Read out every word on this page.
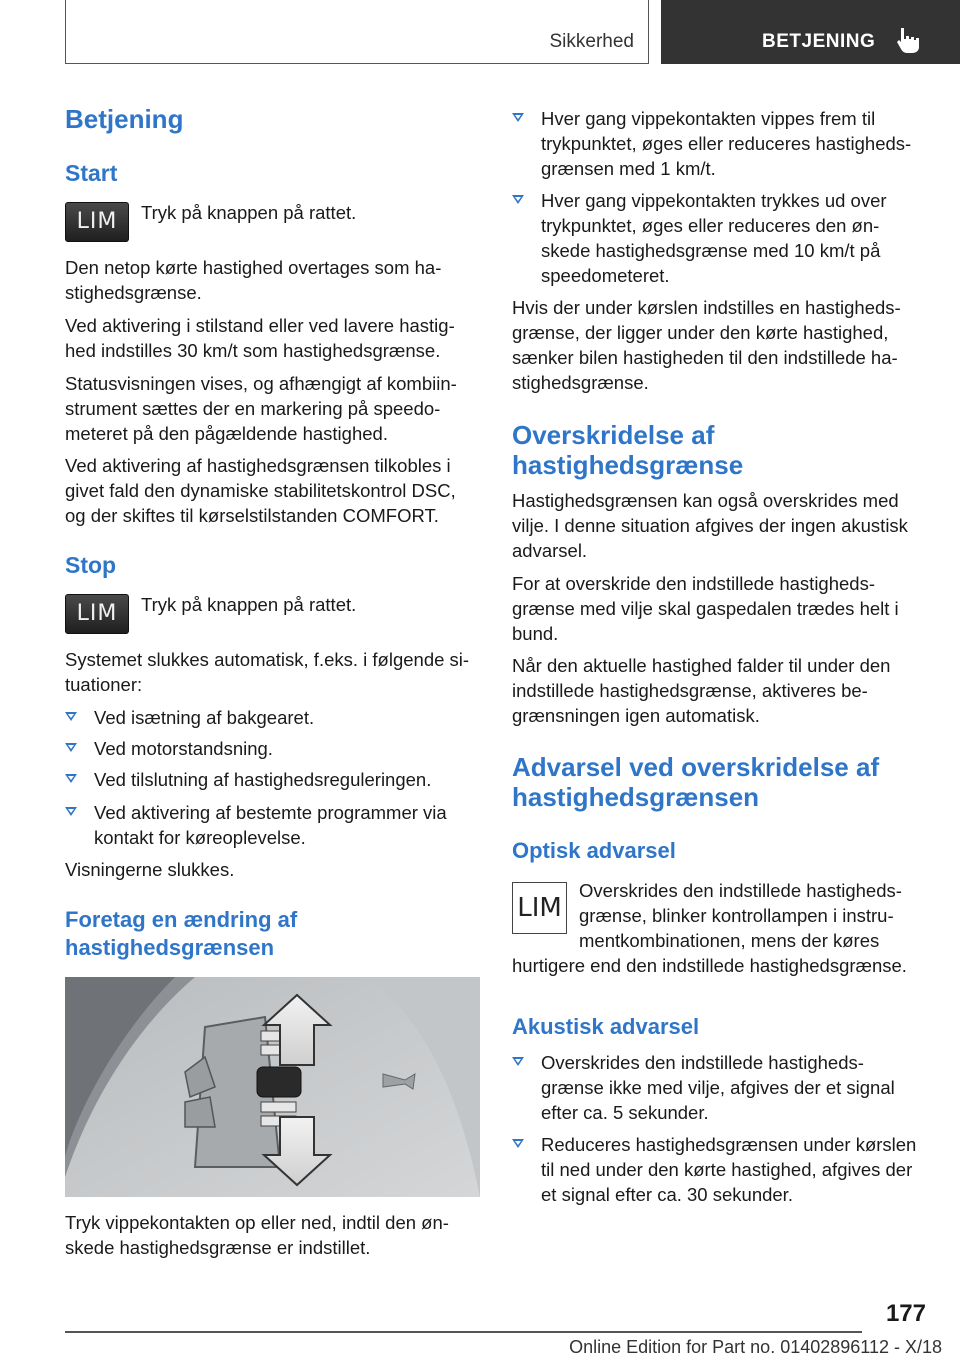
Sikkerhed	BETJENING
Betjening
Start
LIM	Tryk på knappen på rattet.

Den netop kørte hastighed overtages som ha-

stighedsgrænse.

Ved aktivering i stilstand eller ved lavere hastig-

hed indstilles 30 km/t som hastighedsgrænse.

Statusvisningen vises, og afhængigt af kombiin-

strument sættes der en markering på speedo-

meteret på den pågældende hastighed.

Ved aktivering af hastighedsgrænsen tilkobles i

givet fald den dynamiske stabilitetskontrol DSC,

og der skiftes til kørselstilstanden COMFORT.

Stop
LIM	Tryk på knappen på rattet.

Systemet slukkes automatisk, f.eks. i følgende si-

tuationer:

Ved isætning af bakgearet.
Ved motorstandsning.
Ved tilslutning af hastighedsreguleringen.
Ved aktivering af bestemte programmer via
kontakt for køreoplevelse.

Visningerne slukkes.

Foretag en ændring af
hastighedsgrænsen

Tryk vippekontakten op eller ned, indtil den øn-

skede hastighedsgrænse er indstillet.

Hver gang vippekontakten vippes frem til
trykpunktet, øges eller reduceres hastigheds-
grænsen med 1 km/t.
Hver gang vippekontakten trykkes ud over
trykpunktet, øges eller reduceres den øn-
skede hastighedsgrænse med 10 km/t på
speedometeret.

Hvis der under kørslen indstilles en hastigheds-

grænse, der ligger under den kørte hastighed,

sænker bilen hastigheden til den indstillede ha-

stighedsgrænse.

Overskridelse af
hastighedsgrænse

Hastighedsgrænsen kan også overskrides med

vilje. I denne situation afgives der ingen akustisk

advarsel.

For at overskride den indstillede hastigheds-

grænse med vilje skal gaspedalen trædes helt i

bund.

Når den aktuelle hastighed falder til under den

indstillede hastighedsgrænse, aktiveres be-

grænsningen igen automatisk.

Advarsel ved overskridelse af
hastighedsgrænsen
Optisk advarsel
LIM

Overskrides den indstillede hastigheds-

grænse, blinker kontrollampen i instru-

mentkombinationen, mens der køres

hurtigere end den indstillede hastighedsgrænse.

Akustisk advarsel
Overskrides den indstillede hastigheds-
grænse ikke med vilje, afgives der et signal
efter ca. 5 sekunder.
Reduceres hastighedsgrænsen under kørslen
til ned under den kørte hastighed, afgives der
et signal efter ca. 30 sekunder.
177
Online Edition for Part no. 01402896112 - X/18
